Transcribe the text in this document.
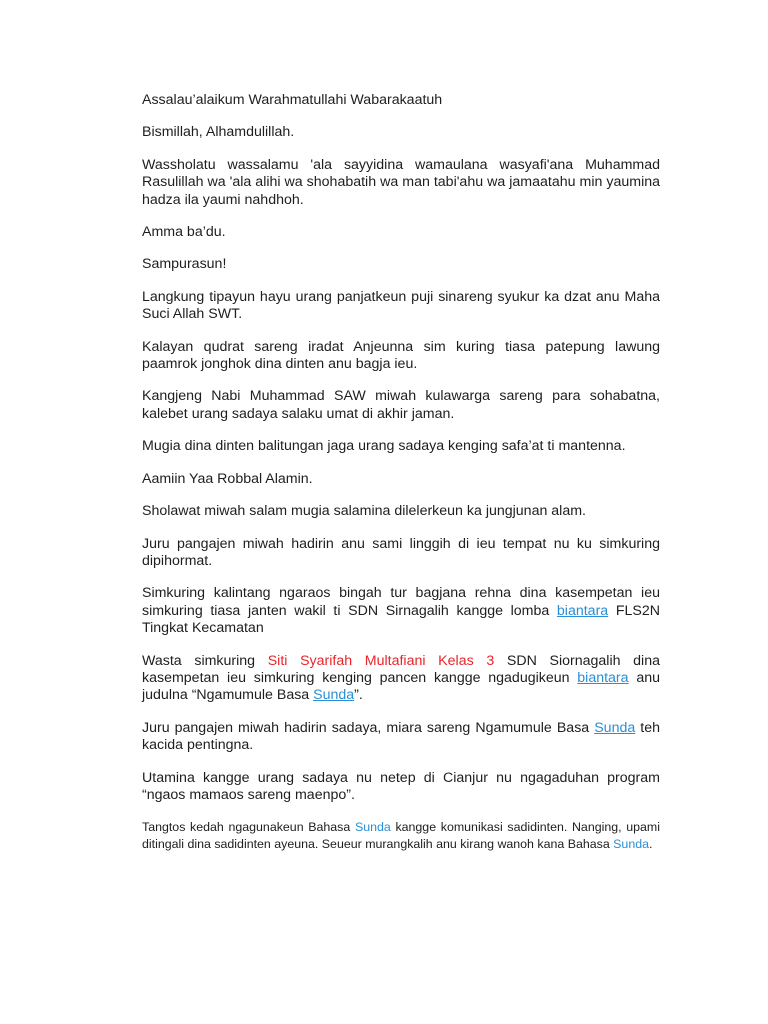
Assalau’alaikum Warahmatullahi Wabarakaatuh

Bismillah, Alhamdulillah.

Wassholatu wassalamu 'ala sayyidina wamaulana wasyafi'ana Muhammad Rasulillah wa 'ala alihi wa shohabatih wa man tabi'ahu wa jamaatahu min yaumina hadza ila yaumi nahdhoh.

Amma ba’du.

Sampurasun!

Langkung tipayun hayu urang panjatkeun puji sinareng syukur ka dzat anu Maha Suci Allah SWT.

Kalayan qudrat sareng iradat Anjeunna sim kuring tiasa patepung lawung paamrok jonghok dina dinten anu bagja ieu.

Kangjeng Nabi Muhammad SAW miwah kulawarga sareng para sohabatna, kalebet urang sadaya salaku umat di akhir jaman.

Mugia dina dinten balitungan jaga urang sadaya kenging safa’at ti mantenna.

Aamiin Yaa Robbal Alamin.

Sholawat miwah salam mugia salamina dilelerkeun ka jungjunan alam.

Juru pangajen miwah hadirin anu sami linggih di ieu tempat nu ku simkuring dipihormat.

Simkuring kalintang ngaraos bingah tur bagjana rehna dina kasempetan ieu simkuring tiasa janten wakil ti SDN Sirnagalih kangge lomba biantara FLS2N Tingkat Kecamatan

Wasta simkuring Siti Syarifah Multafiani Kelas 3 SDN Siornagalih dina kasempetan ieu simkuring kenging pancen kangge ngadugikeun biantara anu judulna “Ngamumule Basa Sunda”.

Juru pangajen miwah hadirin sadaya, miara sareng Ngamumule Basa Sunda teh kacida pentingna.

Utamina kangge urang sadaya nu netep di Cianjur nu ngagaduhan program “ngaos mamaos sareng maenpo”.

Tangtos kedah ngagunakeun Bahasa Sunda kangge komunikasi sadidinten. Nanging, upami ditingali dina sadidinten ayeuna. Seueur murangkalih anu kirang wanoh kana Bahasa Sunda.
